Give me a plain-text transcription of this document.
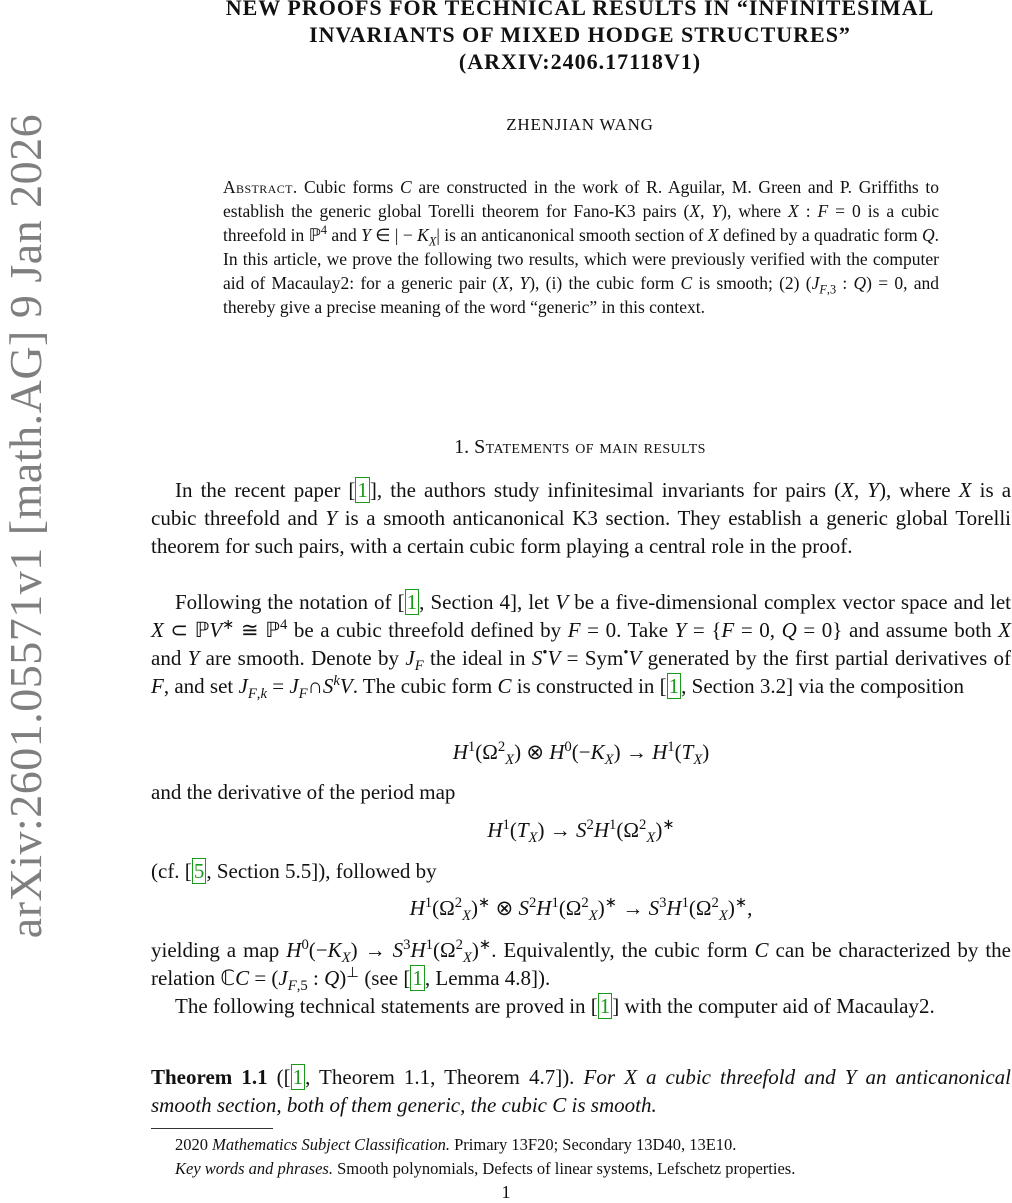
arXiv:2601.05571v1 [math.AG] 9 Jan 2026
NEW PROOFS FOR TECHNICAL RESULTS IN “INFINITESIMAL
INVARIANTS OF MIXED HODGE STRUCTURES”
(ARXIV:2406.17118V1)
ZHENJIAN WANG
Abstract. Cubic forms C are constructed in the work of R. Aguilar, M. Green and P. Griffiths to establish the generic global Torelli theorem for Fano-K3 pairs (X, Y), where X : F = 0 is a cubic threefold in ℙ$^4$ and Y ∈ | − $K_X|$ is an anticanonical smooth section of X defined by a quadratic form Q. In this article, we prove the following two results, which were previously verified with the computer aid of Macaulay2: for a generic pair (X, Y), (i) the cubic form C is smooth; (2) ($J_{F,3}$ : Q) = 0, and thereby give a precise meaning of the word “generic” in this context.
1. Statements of main results
In the recent paper [1], the authors study infinitesimal invariants for pairs (X, Y), where X is a cubic threefold and Y is a smooth anticanonical K3 section. They establish a generic global Torelli theorem for such pairs, with a certain cubic form playing a central role in the proof.
Following the notation of [1, Section 4], let V be a five-dimensional complex vector space and let X ⊂ ℙV∗ ≅ ℙ$^4$ be a cubic threefold defined by F = 0. Take Y = {F = 0, Q = 0} and assume both X and Y are smooth. Denote by $J_F$ the ideal in S•V = Sym•V generated by the first partial derivatives of F, and set $J_{F,k}$ = $J_F\cap S^kV$. The cubic form C is constructed in [1, Section 3.2] via the composition
$H^1(\Omega^2_X)$ ⊗ $H^0(-K_X) \to H^1(T_X)$
and the derivative of the period map
$H^1(T_X) \to S^2H^1(\Omega^2_X)^∗$
(cf. [5, Section 5.5]), followed by
$H^1(\Omega^2_X)^∗$ ⊗ $S^2H^1(\Omega^2_X)^∗ \to S^3H^1(\Omega^2_X)^∗$,
yielding a map $H^0(-K_X) \to S^3H^1(\Omega^2_X)^∗$. Equivalently, the cubic form C can be characterized by the relation ℂC = ($J_{F,5}$ : Q)⊥ (see [1, Lemma 4.8]).
The following technical statements are proved in [1] with the computer aid of Macaulay2.
Theorem 1.1 ([1, Theorem 1.1, Theorem 4.7]). For X a cubic threefold and Y an anticanonical smooth section, both of them generic, the cubic C is smooth.
2020 Mathematics Subject Classification. Primary 13F20; Secondary 13D40, 13E10.
Key words and phrases. Smooth polynomials, Defects of linear systems, Lefschetz properties.
1
